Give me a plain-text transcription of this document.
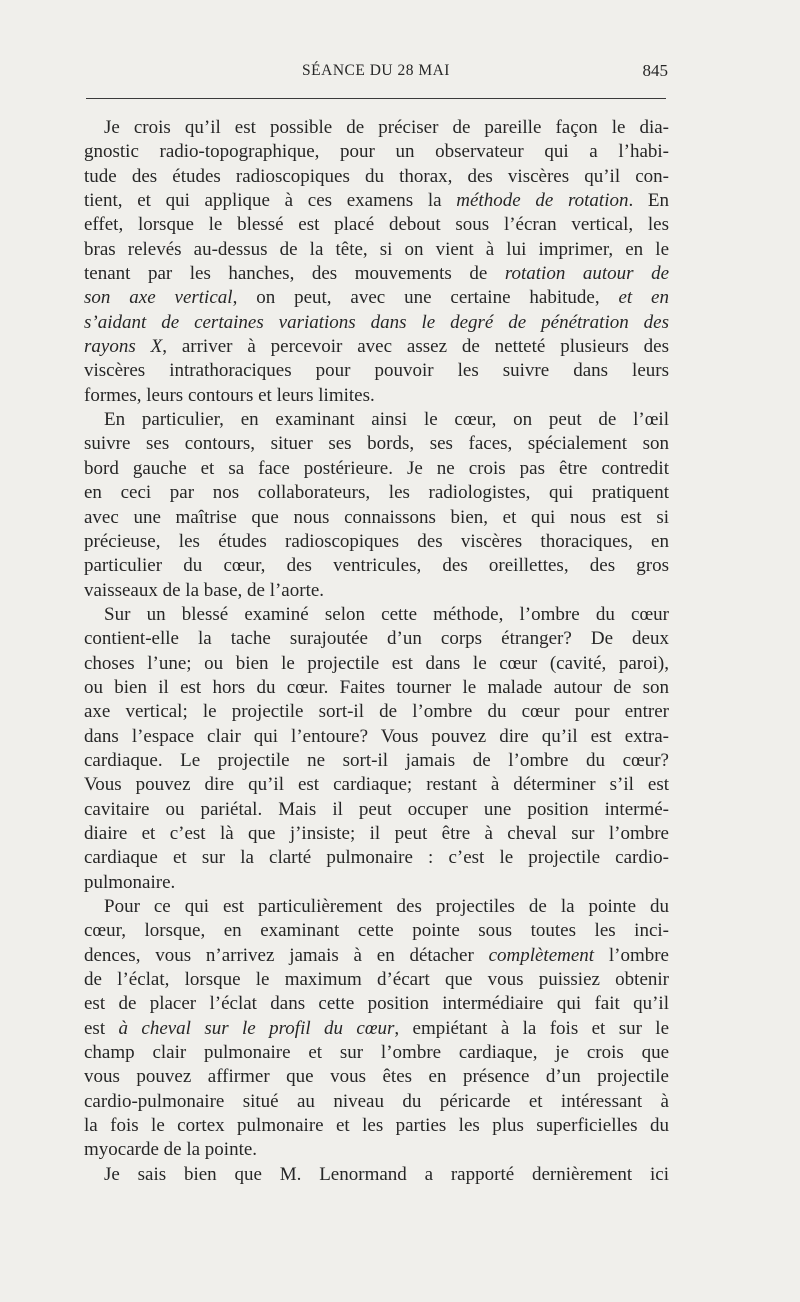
SÉANCE DU 28 MAI	845
Je crois qu’il est possible de préciser de pareille façon le dia-
gnostic radio-topographique, pour un observateur qui a l’habi-
tude des études radioscopiques du thorax, des viscères qu’il con-
tient, et qui applique à ces examens la méthode de rotation. En
effet, lorsque le blessé est placé debout sous l’écran vertical, les
bras relevés au-dessus de la tête, si on vient à lui imprimer, en le
tenant par les hanches, des mouvements de rotation autour de
son axe vertical, on peut, avec une certaine habitude, et en
s’aidant de certaines variations dans le degré de pénétration des
rayons X, arriver à percevoir avec assez de netteté plusieurs des
viscères intrathoraciques pour pouvoir les suivre dans leurs
formes, leurs contours et leurs limites.
En particulier, en examinant ainsi le cœur, on peut de l’œil
suivre ses contours, situer ses bords, ses faces, spécialement son
bord gauche et sa face postérieure. Je ne crois pas être contredit
en ceci par nos collaborateurs, les radiologistes, qui pratiquent
avec une maîtrise que nous connaissons bien, et qui nous est si
précieuse, les études radioscopiques des viscères thoraciques, en
particulier du cœur, des ventricules, des oreillettes, des gros
vaisseaux de la base, de l’aorte.
Sur un blessé examiné selon cette méthode, l’ombre du cœur
contient-elle la tache surajoutée d’un corps étranger? De deux
choses l’une; ou bien le projectile est dans le cœur (cavité, paroi),
ou bien il est hors du cœur. Faites tourner le malade autour de son
axe vertical; le projectile sort-il de l’ombre du cœur pour entrer
dans l’espace clair qui l’entoure? Vous pouvez dire qu’il est extra-
cardiaque. Le projectile ne sort-il jamais de l’ombre du cœur?
Vous pouvez dire qu’il est cardiaque; restant à déterminer s’il est
cavitaire ou pariétal. Mais il peut occuper une position intermé-
diaire et c’est là que j’insiste; il peut être à cheval sur l’ombre
cardiaque et sur la clarté pulmonaire : c’est le projectile cardio-
pulmonaire.
Pour ce qui est particulièrement des projectiles de la pointe du
cœur, lorsque, en examinant cette pointe sous toutes les inci-
dences, vous n’arrivez jamais à en détacher complètement l’ombre
de l’éclat, lorsque le maximum d’écart que vous puissiez obtenir
est de placer l’éclat dans cette position intermédiaire qui fait qu’il
est à cheval sur le profil du cœur, empiétant à la fois et sur le
champ clair pulmonaire et sur l’ombre cardiaque, je crois que
vous pouvez affirmer que vous êtes en présence d’un projectile
cardio-pulmonaire situé au niveau du péricarde et intéressant à
la fois le cortex pulmonaire et les parties les plus superficielles du
myocarde de la pointe.
Je sais bien que M. Lenormand a rapporté dernièrement ici
